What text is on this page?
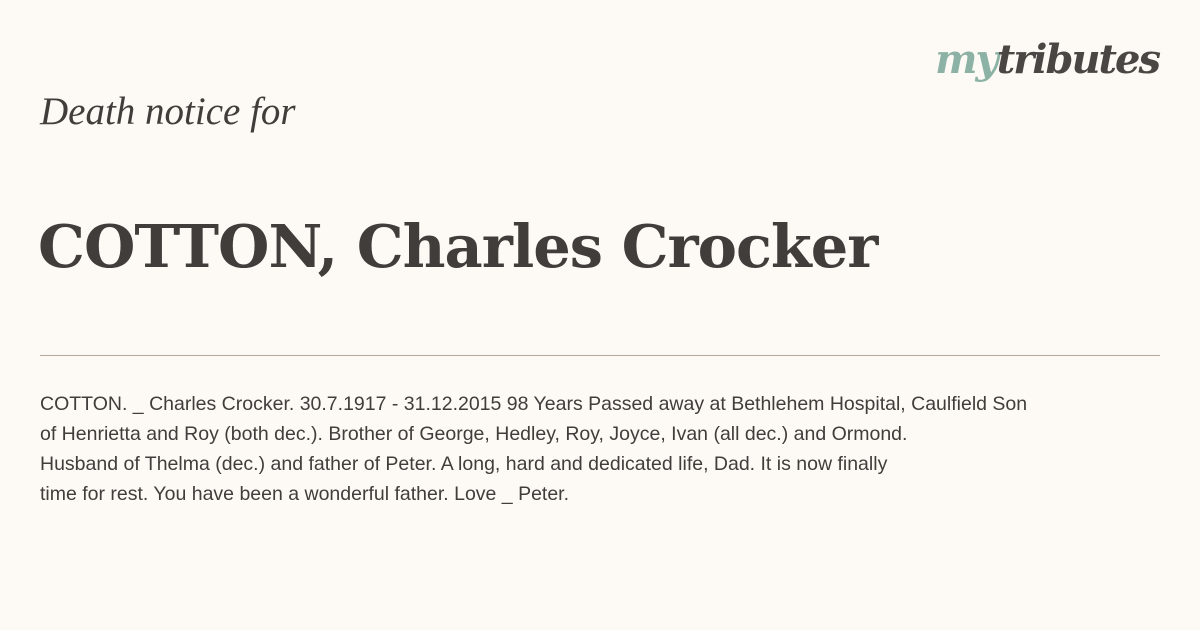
mytributes
Death notice for
COTTON, Charles Crocker

COTTON. _ Charles Crocker. 30.7.1917 - 31.12.2015 98 Years Passed away at Bethlehem Hospital, Caulfield Son
of Henrietta and Roy (both dec.). Brother of George, Hedley, Roy, Joyce, Ivan (all dec.) and Ormond.
Husband of Thelma (dec.) and father of Peter. A long, hard and dedicated life, Dad. It is now finally
time for rest. You have been a wonderful father. Love _ Peter.
